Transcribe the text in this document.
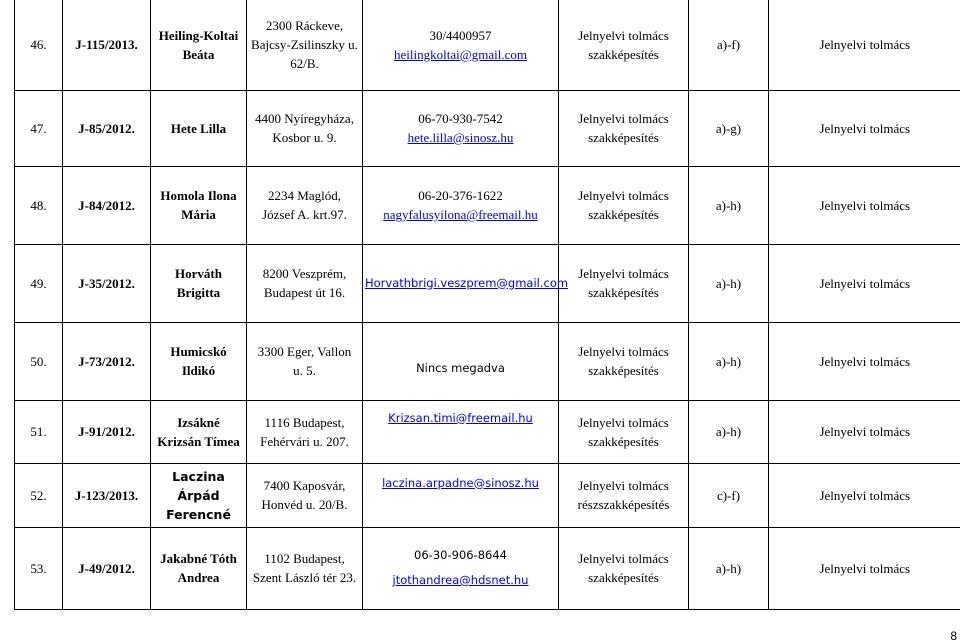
46.	J-115/2013.	Heiling-Koltai
Beáta	2300 Ráckeve,
Bajcsy-Zsilinszky u.
62/B.	30/4400957
heilingkoltai@gmail.com	Jelnyelvi tolmács
szakképesítés	a)-f)	Jelnyelvi tolmács
47.	J-85/2012.	Hete Lilla	4400 Nyíregyháza,
Kosbor u. 9.	06-70-930-7542
hete.lilla@sinosz.hu	Jelnyelvi tolmács
szakképesítés	a)-g)	Jelnyelvi tolmács
48.	J-84/2012.	Homola Ilona
Mária	2234 Maglód,
József A. krt.97.	06-20-376-1622
nagyfalusyilona@freemail.hu	Jelnyelvi tolmács
szakképesítés	a)-h)	Jelnyelvi tolmács
49.	J-35/2012.	Horváth
Brigitta	8200 Veszprém,
Budapest út 16.	Horvathbrigi.veszprem@gmail.com	Jelnyelvi tolmács
szakképesítés	a)-h)	Jelnyelvi tolmács
50.	J-73/2012.	Humicskó
Ildikó	3300 Eger, Vallon
u. 5.	Nincs megadva	Jelnyelvi tolmács
szakképesítés	a)-h)	Jelnyelvi tolmács
51.	J-91/2012.	Izsákné
Krizsán Tímea	1116 Budapest,
Fehérvári u. 207.	Krizsan.timi@freemail.hu	Jelnyelvi tolmács
szakképesítés	a)-h)	Jelnyelvi tolmács
52.	J-123/2013.	Laczina Árpád
Ferencné	7400 Kaposvár,
Honvéd u. 20/B.	laczina.arpadne@sinosz.hu	Jelnyelvi tolmács
részszakképesítés	c)-f)	Jelnyelvi tolmács
53.	J-49/2012.	Jakabné Tóth
Andrea	1102 Budapest,
Szent László tér 23.	06-30-906-8644
jtothandrea@hdsnet.hu	Jelnyelvi tolmács
szakképesítés	a)-h)	Jelnyelvi tolmács
8
